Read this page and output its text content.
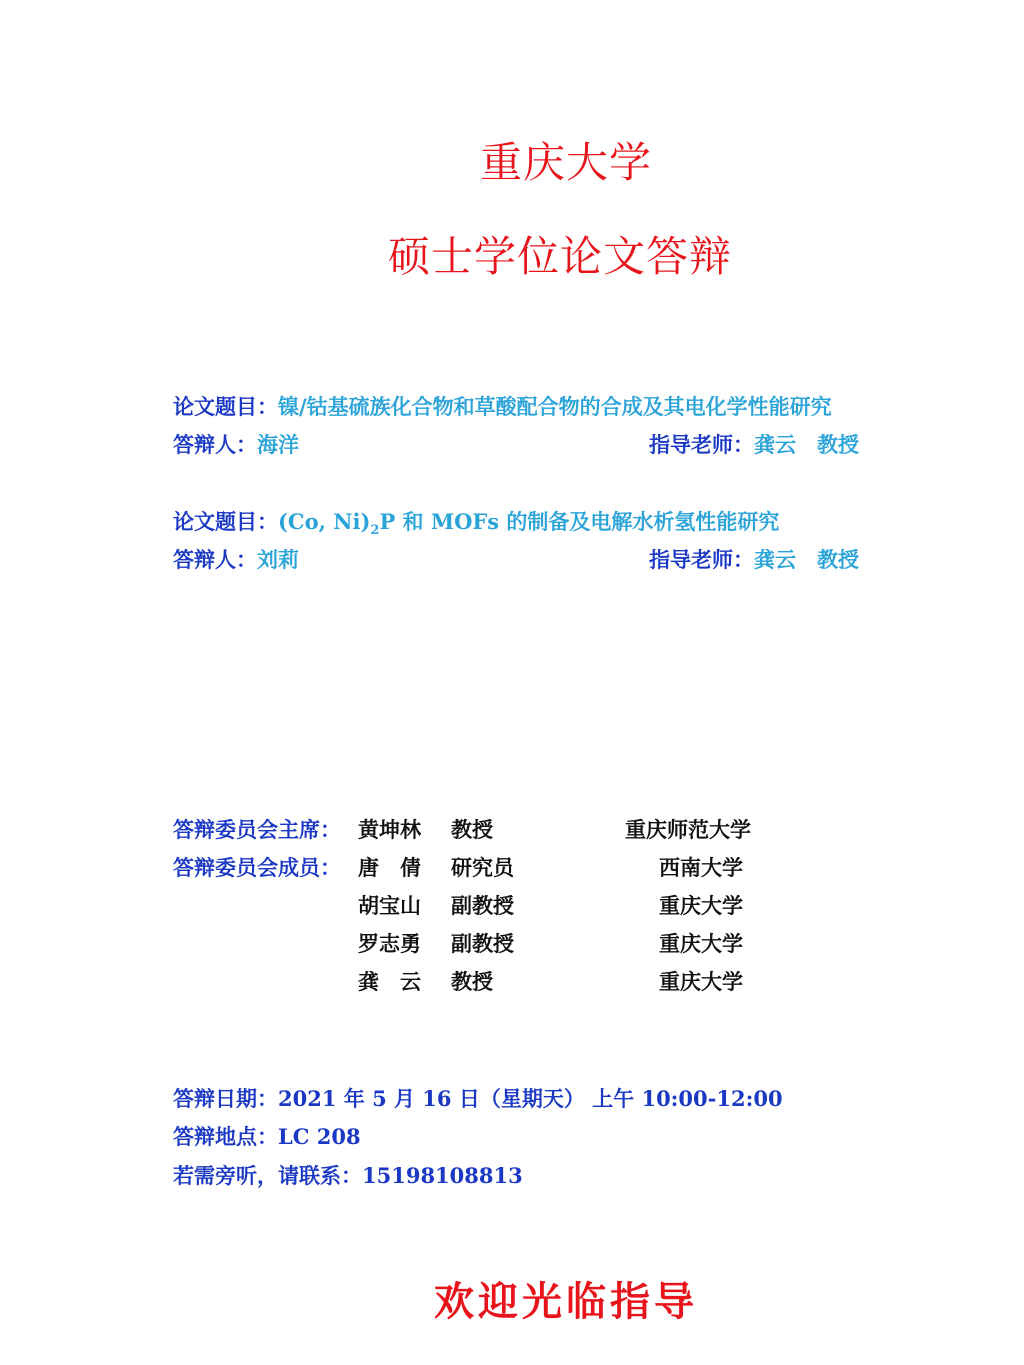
重庆大学
硕士学位论文答辩
论文题目：镍/钴基硫族化合物和草酸配合物的合成及其电化学性能研究
答辩人：海洋	指导老师：龚云　教授
论文题目：(Co, $Ni)_2P$ 和 MOFs 的制备及电解水析氢性能研究
答辩人：刘莉	指导老师：龚云　教授
答辩委员会主席： 黄坤林 教授	重庆师范大学
答辩委员会成员： 唐　倩 研究员	西南大学
胡宝山 副教授	重庆大学
罗志勇 副教授	重庆大学
龚　云 教授	重庆大学
答辩日期：2021 年 5 月 16 日（星期天） 上午 10:00-12:00
答辩地点：LC 208
若需旁听，请联系：15198108813
欢迎光临指导
